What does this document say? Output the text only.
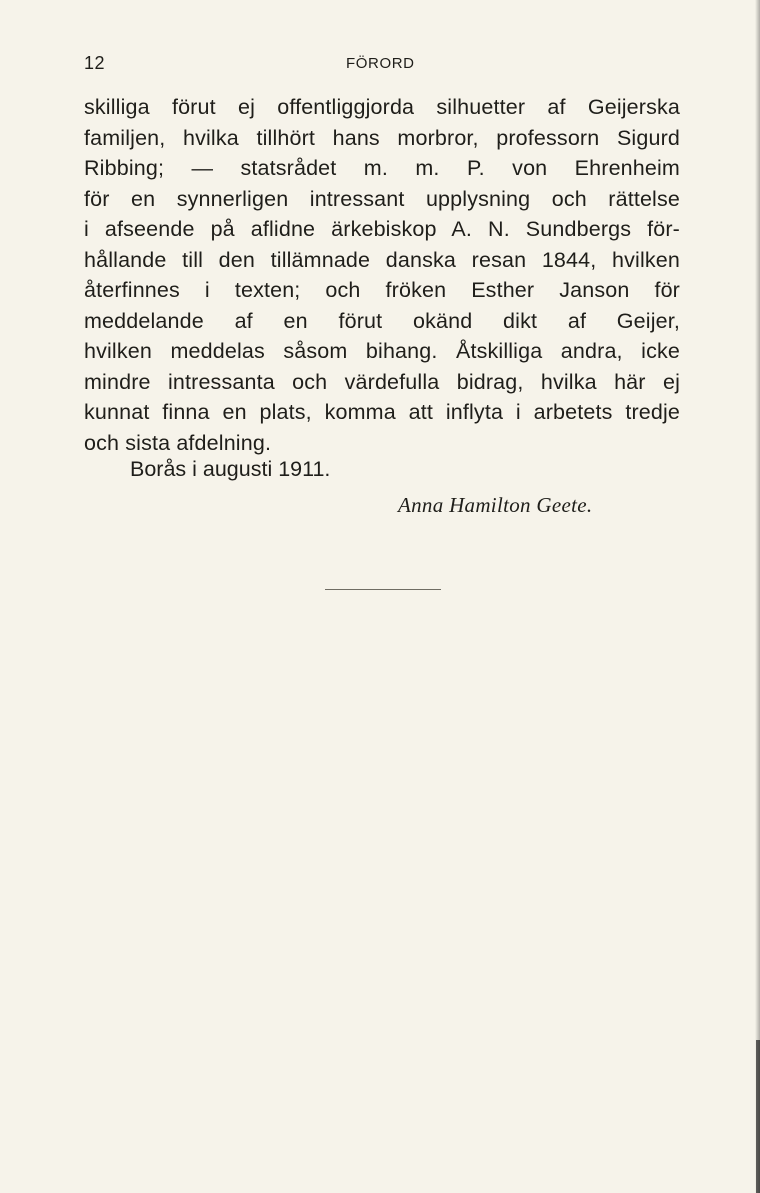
12	FÖRORD
skilliga förut ej offentliggjorda silhuetter af Geijerska
familjen, hvilka tillhört hans morbror, professorn Sigurd
Ribbing; — statsrådet m. m. P. von Ehrenheim
för en synnerligen intressant upplysning och rättelse
i afseende på aflidne ärkebiskop A. N. Sundbergs för-
hållande till den tillämnade danska resan 1844, hvilken
återfinnes i texten; och fröken Esther Janson för
meddelande af en förut okänd dikt af Geijer,
hvilken meddelas såsom bihang. Åtskilliga andra, icke
mindre intressanta och värdefulla bidrag, hvilka här ej
kunnat finna en plats, komma att inflyta i arbetets tredje
och sista afdelning.
Borås i augusti 1911.
Anna Hamilton Geete.
